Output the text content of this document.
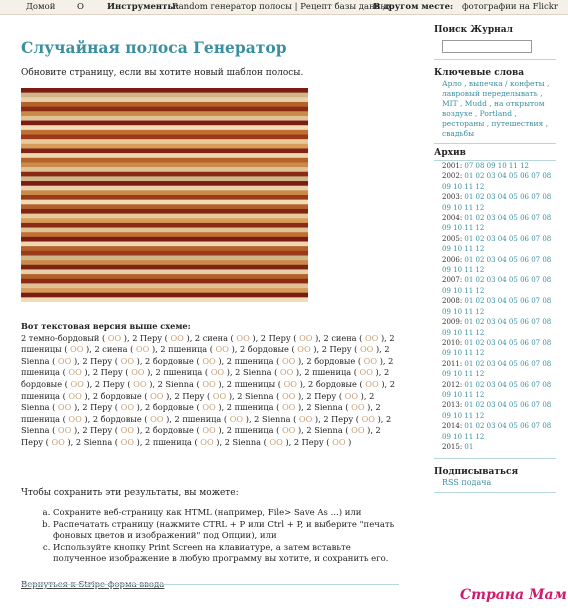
Домой	О	Инструменты:
Random генератор полосы | Рецепт базы данных
В другом месте: фотографии на Flickr
Случайная полоса Генератор
Обновите страницу, если вы хотите новый шаблон полосы.
Вот текстовая версия выше схеме:
2 темно-бордовый ( OO ), 2 Перу ( OO ), 2 сиена ( OO ), 2 Перу ( OO ), 2 сиена ( OO ), 2 пшеницы ( OO ), 2 сиена ( OO ), 2 пшеница ( OO ), 2 бордовые ( OO ), 2 Перу ( OO ), 2 Sienna ( OO ), 2 Перу ( OO ), 2 бордовые ( OO ), 2 пшеница ( OO ), 2 бордовые ( OO ), 2 пшеница ( OO ), 2 Перу ( OO ), 2 пшеница ( OO ), 2 Sienna ( OO ), 2 пшеница ( OO ), 2 бордовые ( OO ), 2 Перу ( OO ), 2 Sienna ( OO ), 2 пшеницы ( OO ), 2 бордовые ( OO ), 2 пшеница ( OO ), 2 бордовые ( OO ), 2 Перу ( OO ), 2 Sienna ( OO ), 2 Перу ( OO ), 2 Sienna ( OO ), 2 Перу ( OO ), 2 бордовые ( OO ), 2 пшеница ( OO ), 2 Sienna ( OO ), 2 пшеница ( OO ), 2 бордовые ( OO ), 2 пшеница ( OO ), 2 Sienna ( OO ), 2 Перу ( OO ), 2 Sienna ( OO ), 2 Перу ( OO ), 2 бордовые ( OO ), 2 пшеница ( OO ), 2 Sienna ( OO ), 2 Перу ( OO ), 2 Sienna ( OO ), 2 пшеница ( OO ), 2 Sienna ( OO ), 2 Перу ( OO )
Чтобы сохранить эти результаты, вы можете:
a. Сохраните веб-страницу как HTML (например, File> Save As ...) или
b. Распечатать страницу (нажмите CTRL + P или Ctrl + P, и выберите "печать фоновых цветов и изображений" под Опции), или
c. Используйте кнопку Print Screen на клавиатуре, а затем вставьте полученное изображение в любую программу вы хотите, и сохранить его.
Вернуться к Stripe форма ввода
Поиск Журнал
Ключевые слова
Арло , выпечка / конфеты , лавровый переделывать , MIT , Mudd , на открытом воздухе , Portland , рестораны , путешествия , свадьбы
Архив
2001: 07 08 09 10 11 12
2002: 01 02 03 04 05 06 07 08 09 10 11 12
2003: 01 02 03 04 05 06 07 08 09 10 11 12
2004: 01 02 03 04 05 06 07 08 09 10 11 12
2005: 01 02 03 04 05 06 07 08 09 10 11 12
2006: 01 02 03 04 05 06 07 08 09 10 11 12
2007: 01 02 03 04 05 06 07 08 09 10 11 12
2008: 01 02 03 04 05 06 07 08 09 10 11 12
2009: 01 02 03 04 05 06 07 08 09 10 11 12
2010: 01 02 03 04 05 06 07 08 09 10 11 12
2011: 01 02 03 04 05 06 07 08 09 10 11 12
2012: 01 02 03 04 05 06 07 08 09 10 11 12
2013: 01 02 03 04 05 06 07 08 09 10 11 12
2014: 01 02 03 04 05 06 07 08 09 10 11 12
2015: 01
Подписываться
RSS подача
Страна Мам
